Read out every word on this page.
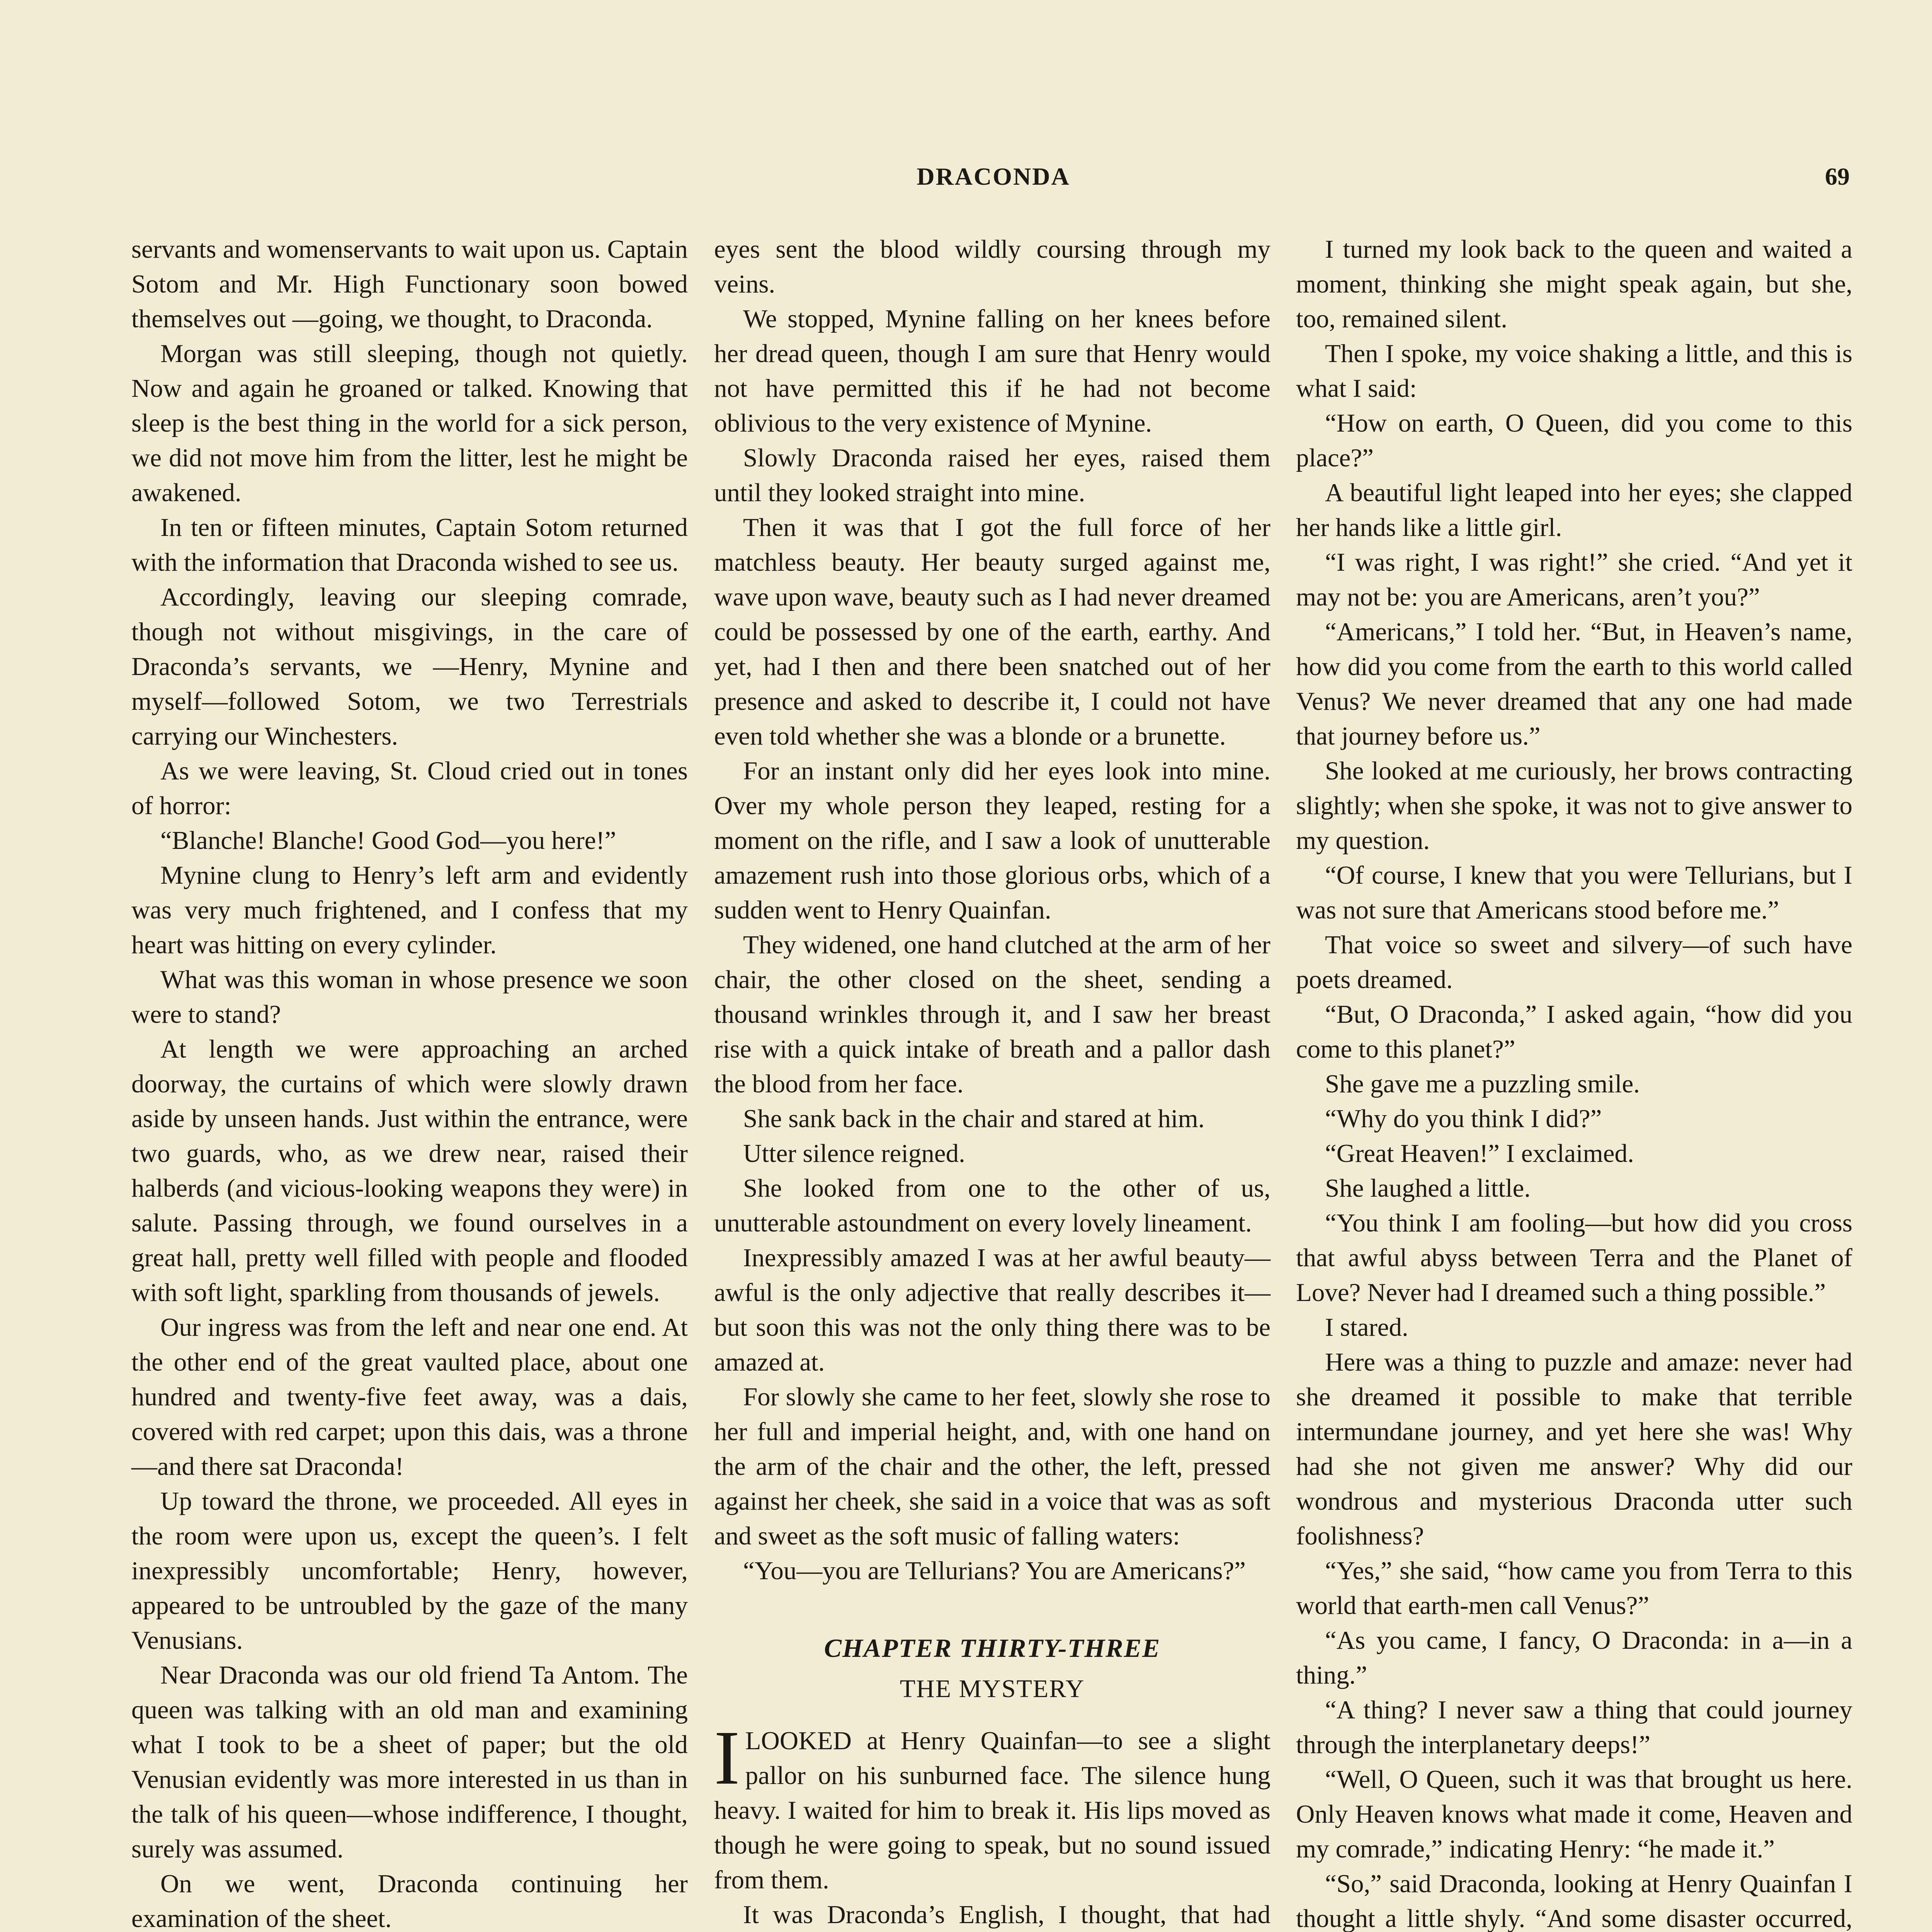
DRACONDA	69

servants and womenservants to wait upon us. Captain Sotom and Mr. High Functionary soon bowed themselves out —going, we thought, to Draconda.

Morgan was still sleeping, though not quietly. Now and again he groaned or talked. Knowing that sleep is the best thing in the world for a sick person, we did not move him from the litter, lest he might be awakened.

In ten or fifteen minutes, Captain Sotom returned with the information that Draconda wished to see us.

Accordingly, leaving our sleeping comrade, though not without misgivings, in the care of Draconda’s servants, we —Henry, Mynine and myself—followed Sotom, we two Terrestrials carrying our Winchesters.

As we were leaving, St. Cloud cried out in tones of horror:

“Blanche! Blanche! Good God—you here!”

Mynine clung to Henry’s left arm and evidently was very much frightened, and I confess that my heart was hitting on every cylinder.

What was this woman in whose presence we soon were to stand?

At length we were approaching an arched doorway, the curtains of which were slowly drawn aside by unseen hands. Just within the entrance, were two guards, who, as we drew near, raised their halberds (and vicious-looking weapons they were) in salute. Passing through, we found ourselves in a great hall, pretty well filled with people and flooded with soft light, sparkling from thousands of jewels.

Our ingress was from the left and near one end. At the other end of the great vaulted place, about one hundred and twenty-five feet away, was a dais, covered with red carpet; upon this dais, was a throne—and there sat Draconda!

Up toward the throne, we proceeded. All eyes in the room were upon us, except the queen’s. I felt inexpressibly uncomfortable; Henry, however, appeared to be untroubled by the gaze of the many Venusians.

Near Draconda was our old friend Ta Antom. The queen was talking with an old man and examining what I took to be a sheet of paper; but the old Venusian evidently was more interested in us than in the talk of his queen—whose indifference, I thought, surely was assumed.

On we went, Draconda continuing her examination of the sheet.

eyes sent the blood wildly coursing through my veins.

We stopped, Mynine falling on her knees before her dread queen, though I am sure that Henry would not have permitted this if he had not become oblivious to the very existence of Mynine.

Slowly Draconda raised her eyes, raised them until they looked straight into mine.

Then it was that I got the full force of her matchless beauty. Her beauty surged against me, wave upon wave, beauty such as I had never dreamed could be possessed by one of the earth, earthy. And yet, had I then and there been snatched out of her presence and asked to describe it, I could not have even told whether she was a blonde or a brunette.

For an instant only did her eyes look into mine. Over my whole person they leaped, resting for a moment on the rifle, and I saw a look of unutterable amazement rush into those glorious orbs, which of a sudden went to Henry Quainfan.

They widened, one hand clutched at the arm of her chair, the other closed on the sheet, sending a thousand wrinkles through it, and I saw her breast rise with a quick intake of breath and a pallor dash the blood from her face.

She sank back in the chair and stared at him.

Utter silence reigned.

She looked from one to the other of us, unutterable astoundment on every lovely lineament.

Inexpressibly amazed I was at her awful beauty—awful is the only adjective that really describes it—but soon this was not the only thing there was to be amazed at.

For slowly she came to her feet, slowly she rose to her full and imperial height, and, with one hand on the arm of the chair and the other, the left, pressed against her cheek, she said in a voice that was as soft and sweet as the soft music of falling waters:

“You—you are Tellurians? You are Americans?”

CHAPTER THIRTY-THREE
THE MYSTERY

ILOOKED at Henry Quainfan—to see a slight pallor on his sunburned face. The silence hung heavy. I waited for him to break it. His lips moved as though he were going to speak, but no sound issued from them.

It was Draconda’s English, I thought, that had

I turned my look back to the queen and waited a moment, thinking she might speak again, but she, too, remained silent.

Then I spoke, my voice shaking a little, and this is what I said:

“How on earth, O Queen, did you come to this place?”

A beautiful light leaped into her eyes; she clapped her hands like a little girl.

“I was right, I was right!” she cried. “And yet it may not be: you are Americans, aren’t you?”

“Americans,” I told her. “But, in Heaven’s name, how did you come from the earth to this world called Venus? We never dreamed that any one had made that journey before us.”

She looked at me curiously, her brows contracting slightly; when she spoke, it was not to give answer to my question.

“Of course, I knew that you were Tellurians, but I was not sure that Americans stood before me.”

That voice so sweet and silvery—of such have poets dreamed.

“But, O Draconda,” I asked again, “how did you come to this planet?”

She gave me a puzzling smile.

“Why do you think I did?”

“Great Heaven!” I exclaimed.

She laughed a little.

“You think I am fooling—but how did you cross that awful abyss between Terra and the Planet of Love? Never had I dreamed such a thing possible.”

I stared.

Here was a thing to puzzle and amaze: never had she dreamed it possible to make that terrible intermundane journey, and yet here she was! Why had she not given me answer? Why did our wondrous and mysterious Draconda utter such foolishness?

“Yes,” she said, “how came you from Terra to this world that earth-men call Venus?”

“As you came, I fancy, O Draconda: in a—in a thing.”

“A thing? I never saw a thing that could journey through the interplanetary deeps!”

“Well, O Queen, such it was that brought us here. Only Heaven knows what made it come, Heaven and my comrade,” indicating Henry: “he made it.”

“So,” said Draconda, looking at Henry Quainfan I thought a little shyly. “And some disaster occurred,
